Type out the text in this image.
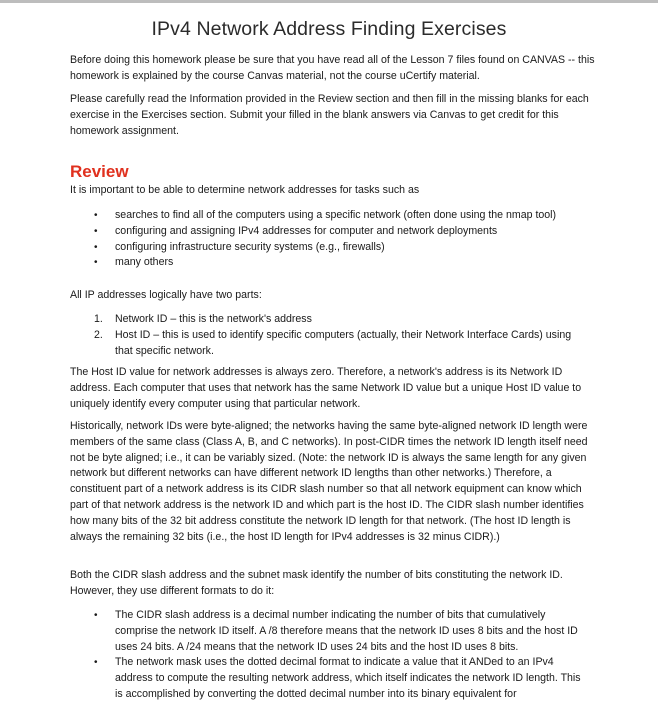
IPv4 Network Address Finding Exercises

Before doing this homework please be sure that you have read all of the Lesson 7 files found on CANVAS -- this homework is explained by the course Canvas material, not the course uCertify material.

Please carefully read the Information provided in the Review section and then fill in the missing blanks for each exercise in the Exercises section. Submit your filled in the blank answers via Canvas to get credit for this homework assignment.

Review

It is important to be able to determine network addresses for tasks such as

• searches to find all of the computers using a specific network (often done using the nmap tool)
• configuring and assigning IPv4 addresses for computer and network deployments
• configuring infrastructure security systems (e.g., firewalls)
• many others

All IP addresses logically have two parts:

1. Network ID – this is the network's address
2. Host ID – this is used to identify specific computers (actually, their Network Interface Cards) using that specific network.

The Host ID value for network addresses is always zero. Therefore, a network's address is its Network ID address. Each computer that uses that network has the same Network ID value but a unique Host ID value to uniquely identify every computer using that particular network.

Historically, network IDs were byte-aligned; the networks having the same byte-aligned network ID length were members of the same class (Class A, B, and C networks). In post-CIDR times the network ID length itself need not be byte aligned; i.e., it can be variably sized. (Note: the network ID is always the same length for any given network but different networks can have different network ID lengths than other networks.) Therefore, a constituent part of a network address is its CIDR slash number so that all network equipment can know which part of that network address is the network ID and which part is the host ID. The CIDR slash number identifies how many bits of the 32 bit address constitute the network ID length for that network. (The host ID length is always the remaining 32 bits (i.e., the host ID length for IPv4 addresses is 32 minus CIDR).)

Both the CIDR slash address and the subnet mask identify the number of bits constituting the network ID. However, they use different formats to do it:

• The CIDR slash address is a decimal number indicating the number of bits that cumulatively comprise the network ID itself. A /8 therefore means that the network ID uses 8 bits and the host ID uses 24 bits. A /24 means that the network ID uses 24 bits and the host ID uses 8 bits.
• The network mask uses the dotted decimal format to indicate a value that it ANDed to an IPv4 address to compute the resulting network address, which itself indicates the network ID length. This is accomplished by converting the dotted decimal number into its binary equivalent for
